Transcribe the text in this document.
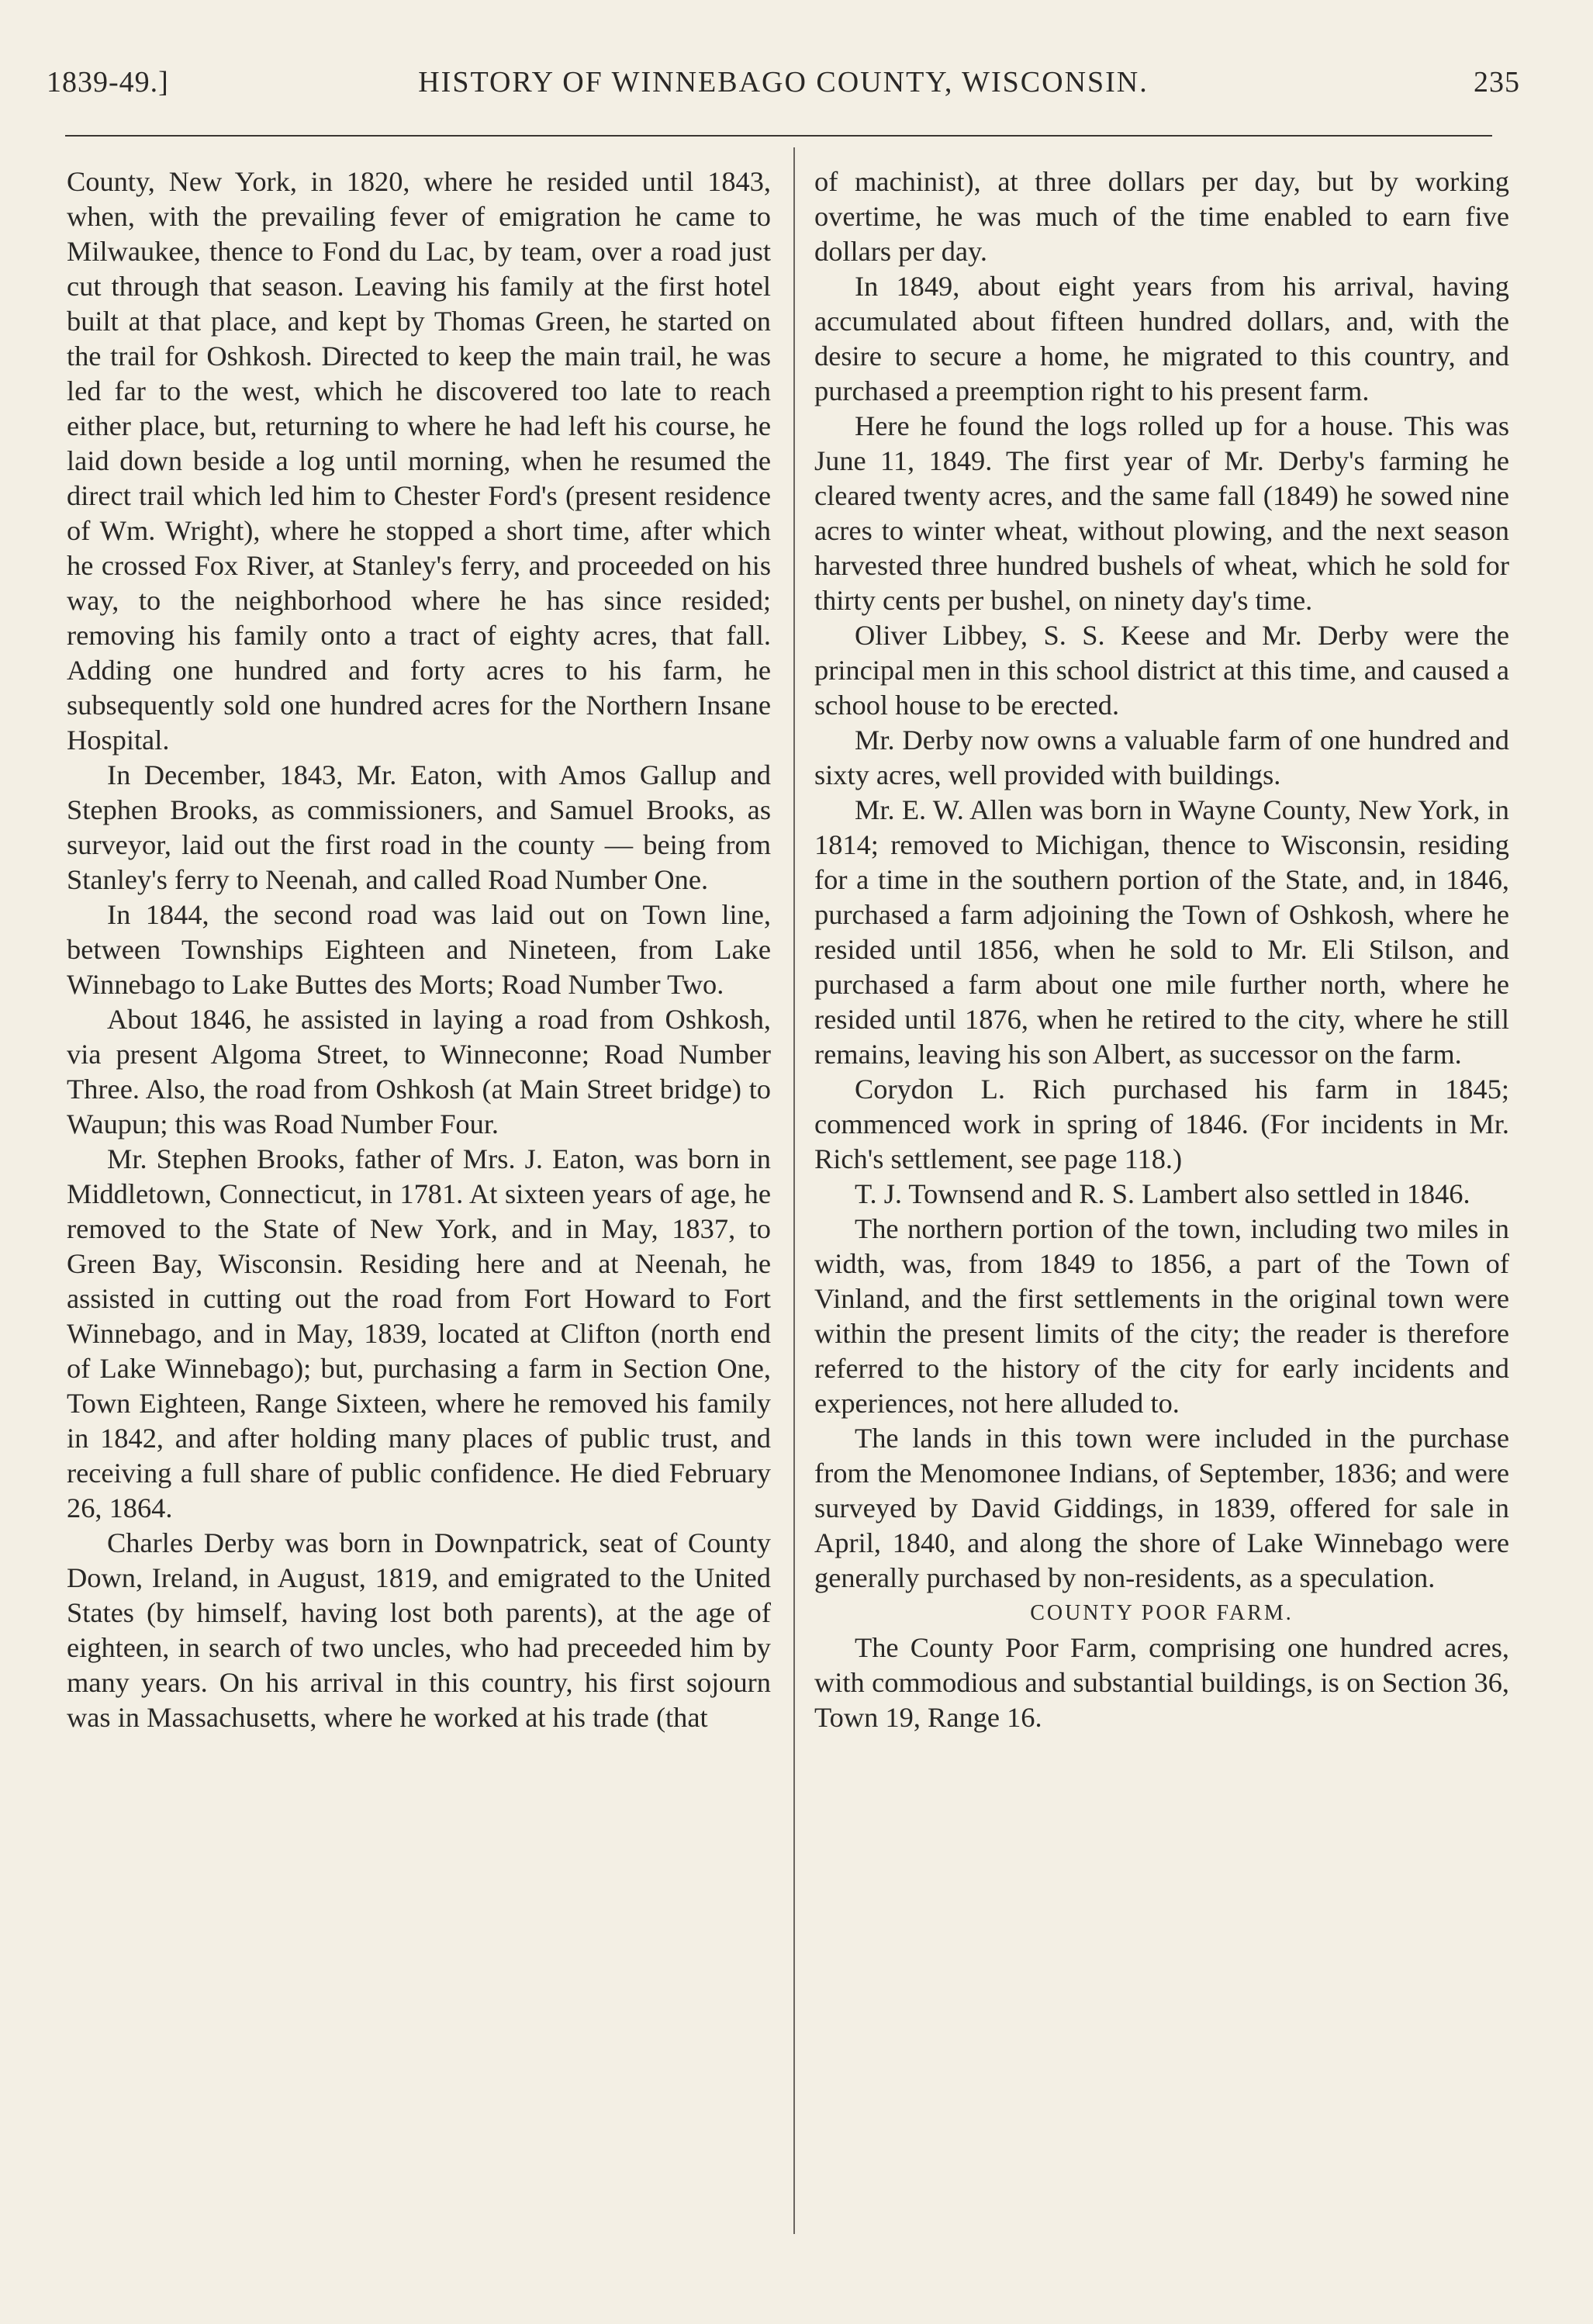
1839-49.]	HISTORY OF WINNEBAGO COUNTY, WISCONSIN.	235

County, New York, in 1820, where he resided until 1843, when, with the prevailing fever of emigration he came to Milwaukee, thence to Fond du Lac, by team, over a road just cut through that season. Leaving his family at the first hotel built at that place, and kept by Thomas Green, he started on the trail for Oshkosh. Directed to keep the main trail, he was led far to the west, which he discovered too late to reach either place, but, returning to where he had left his course, he laid down beside a log until morning, when he resumed the direct trail which led him to Chester Ford's (present residence of Wm. Wright), where he stopped a short time, after which he crossed Fox River, at Stanley's ferry, and proceeded on his way, to the neighborhood where he has since resided; removing his family onto a tract of eighty acres, that fall. Adding one hundred and forty acres to his farm, he subsequently sold one hundred acres for the Northern Insane Hospital.

In December, 1843, Mr. Eaton, with Amos Gallup and Stephen Brooks, as commissioners, and Samuel Brooks, as surveyor, laid out the first road in the county — being from Stanley's ferry to Neenah, and called Road Number One.

In 1844, the second road was laid out on Town line, between Townships Eighteen and Nineteen, from Lake Winnebago to Lake Buttes des Morts; Road Number Two.

About 1846, he assisted in laying a road from Oshkosh, via present Algoma Street, to Winneconne; Road Number Three. Also, the road from Oshkosh (at Main Street bridge) to Waupun; this was Road Number Four.

Mr. Stephen Brooks, father of Mrs. J. Eaton, was born in Middletown, Connecticut, in 1781. At sixteen years of age, he removed to the State of New York, and in May, 1837, to Green Bay, Wisconsin. Residing here and at Neenah, he assisted in cutting out the road from Fort Howard to Fort Winnebago, and in May, 1839, located at Clifton (north end of Lake Winnebago); but, purchasing a farm in Section One, Town Eighteen, Range Sixteen, where he removed his family in 1842, and after holding many places of public trust, and receiving a full share of public confidence. He died February 26, 1864.

Charles Derby was born in Downpatrick, seat of County Down, Ireland, in August, 1819, and emigrated to the United States (by himself, having lost both parents), at the age of eighteen, in search of two uncles, who had preceeded him by many years. On his arrival in this country, his first sojourn was in Massachusetts, where he worked at his trade (that

of machinist), at three dollars per day, but by working overtime, he was much of the time enabled to earn five dollars per day.

In 1849, about eight years from his arrival, having accumulated about fifteen hundred dollars, and, with the desire to secure a home, he migrated to this country, and purchased a preemption right to his present farm.

Here he found the logs rolled up for a house. This was June 11, 1849. The first year of Mr. Derby's farming he cleared twenty acres, and the same fall (1849) he sowed nine acres to winter wheat, without plowing, and the next season harvested three hundred bushels of wheat, which he sold for thirty cents per bushel, on ninety day's time.

Oliver Libbey, S. S. Keese and Mr. Derby were the principal men in this school district at this time, and caused a school house to be erected.

Mr. Derby now owns a valuable farm of one hundred and sixty acres, well provided with buildings.

Mr. E. W. Allen was born in Wayne County, New York, in 1814; removed to Michigan, thence to Wisconsin, residing for a time in the southern portion of the State, and, in 1846, purchased a farm adjoining the Town of Oshkosh, where he resided until 1856, when he sold to Mr. Eli Stilson, and purchased a farm about one mile further north, where he resided until 1876, when he retired to the city, where he still remains, leaving his son Albert, as successor on the farm.

Corydon L. Rich purchased his farm in 1845; commenced work in spring of 1846. (For incidents in Mr. Rich's settlement, see page 118.)

T. J. Townsend and R. S. Lambert also settled in 1846.

The northern portion of the town, including two miles in width, was, from 1849 to 1856, a part of the Town of Vinland, and the first settlements in the original town were within the present limits of the city; the reader is therefore referred to the history of the city for early incidents and experiences, not here alluded to.

The lands in this town were included in the purchase from the Menomonee Indians, of September, 1836; and were surveyed by David Giddings, in 1839, offered for sale in April, 1840, and along the shore of Lake Winnebago were generally purchased by non-residents, as a speculation.

COUNTY POOR FARM.

The County Poor Farm, comprising one hundred acres, with commodious and substantial buildings, is on Section 36, Town 19, Range 16.
